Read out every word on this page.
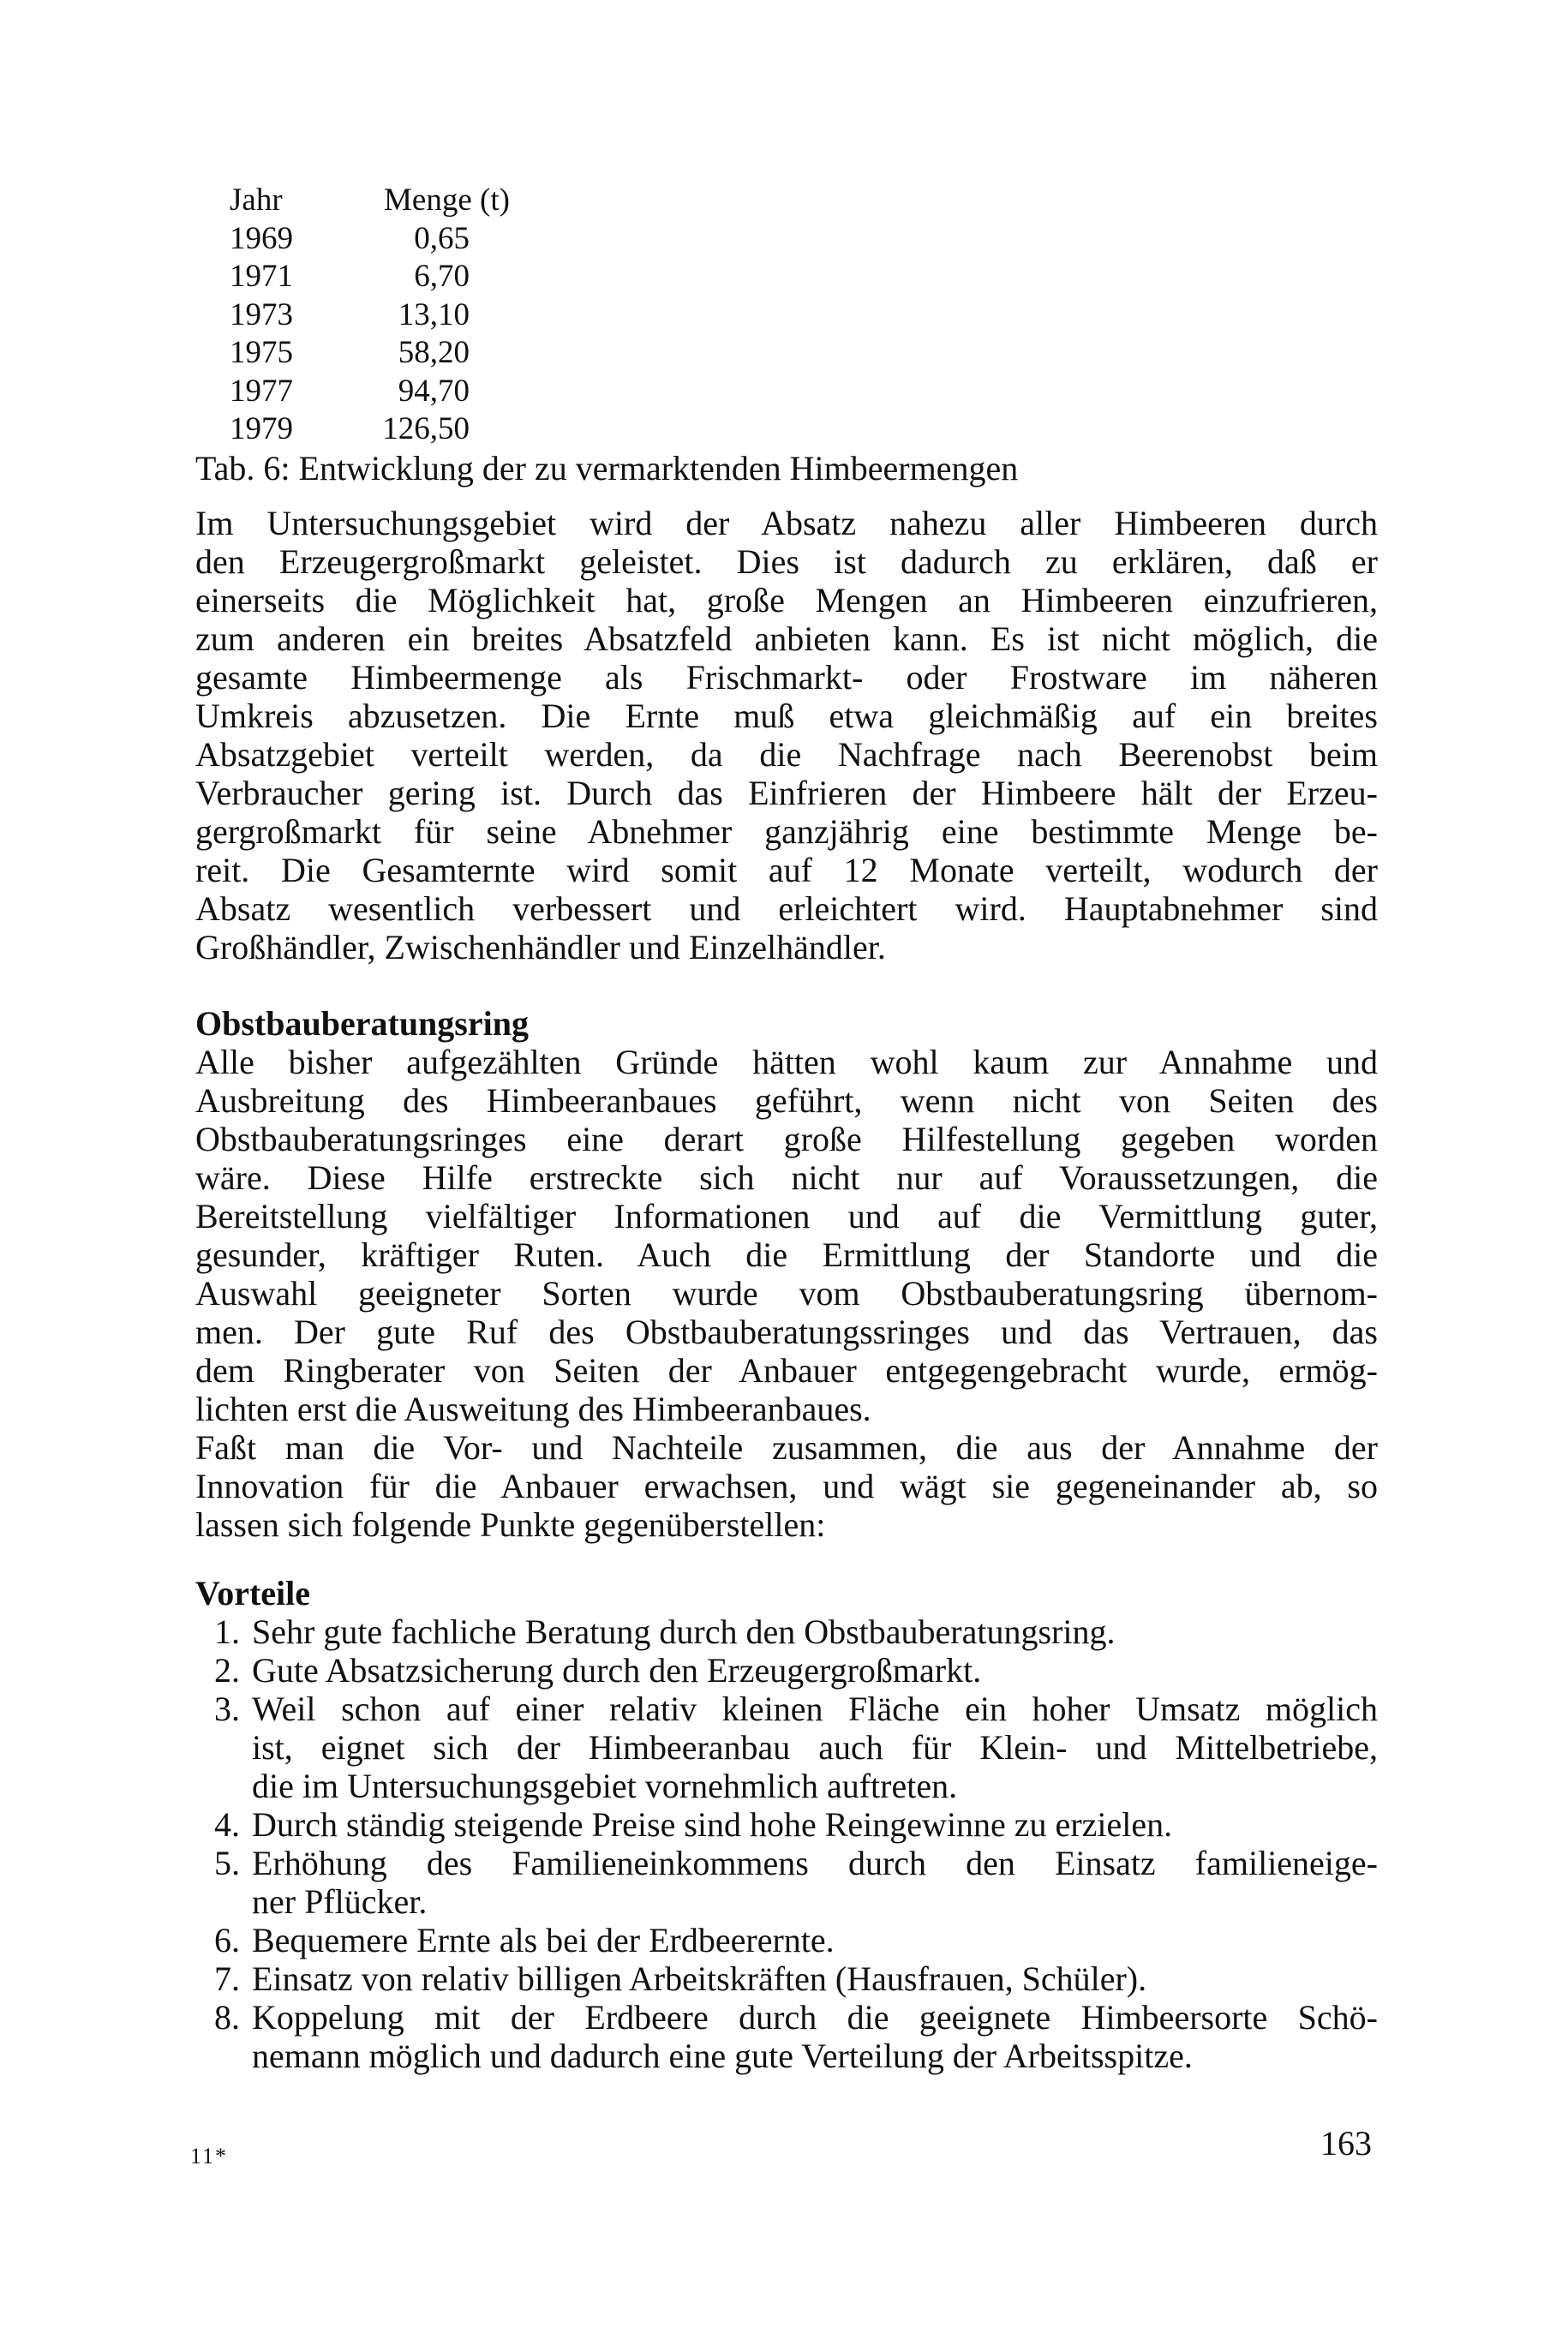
Jahr	Menge (t)
1969	0,65
1971	6,70
1973	13,10
1975	58,20
1977	94,70
1979	126,50
Tab. 6: Entwicklung der zu vermarktenden Himbeermengen
Im Untersuchungsgebiet wird der Absatz nahezu aller Himbeeren durch
den Erzeugergroßmarkt geleistet. Dies ist dadurch zu erklären, daß er
einerseits die Möglichkeit hat, große Mengen an Himbeeren einzufrieren,
zum anderen ein breites Absatzfeld anbieten kann. Es ist nicht möglich, die
gesamte Himbeermenge als Frischmarkt- oder Frostware im näheren
Umkreis abzusetzen. Die Ernte muß etwa gleichmäßig auf ein breites
Absatzgebiet verteilt werden, da die Nachfrage nach Beerenobst beim
Verbraucher gering ist. Durch das Einfrieren der Himbeere hält der Erzeu-
gergroßmarkt für seine Abnehmer ganzjährig eine bestimmte Menge be-
reit. Die Gesamternte wird somit auf 12 Monate verteilt, wodurch der
Absatz wesentlich verbessert und erleichtert wird. Hauptabnehmer sind
Großhändler, Zwischenhändler und Einzelhändler.
Obstbauberatungsring
Alle bisher aufgezählten Gründe hätten wohl kaum zur Annahme und
Ausbreitung des Himbeeranbaues geführt, wenn nicht von Seiten des
Obstbauberatungsringes eine derart große Hilfestellung gegeben worden
wäre. Diese Hilfe erstreckte sich nicht nur auf Voraussetzungen, die
Bereitstellung vielfältiger Informationen und auf die Vermittlung guter,
gesunder, kräftiger Ruten. Auch die Ermittlung der Standorte und die
Auswahl geeigneter Sorten wurde vom Obstbauberatungsring übernom-
men. Der gute Ruf des Obstbauberatungssringes und das Vertrauen, das
dem Ringberater von Seiten der Anbauer entgegengebracht wurde, ermög-
lichten erst die Ausweitung des Himbeeranbaues.
Faßt man die Vor- und Nachteile zusammen, die aus der Annahme der
Innovation für die Anbauer erwachsen, und wägt sie gegeneinander ab, so
lassen sich folgende Punkte gegenüberstellen:
Vorteile
1. Sehr gute fachliche Beratung durch den Obstbauberatungsring.
2. Gute Absatzsicherung durch den Erzeugergroßmarkt.
3. Weil schon auf einer relativ kleinen Fläche ein hoher Umsatz möglich
ist, eignet sich der Himbeeranbau auch für Klein- und Mittelbetriebe,
die im Untersuchungsgebiet vornehmlich auftreten.
4. Durch ständig steigende Preise sind hohe Reingewinne zu erzielen.
5. Erhöhung des Familieneinkommens durch den Einsatz familieneige-
ner Pflücker.
6. Bequemere Ernte als bei der Erdbeerernte.
7. Einsatz von relativ billigen Arbeitskräften (Hausfrauen, Schüler).
8. Koppelung mit der Erdbeere durch die geeignete Himbeersorte Schö-
nemann möglich und dadurch eine gute Verteilung der Arbeitsspitze.
11*	163
